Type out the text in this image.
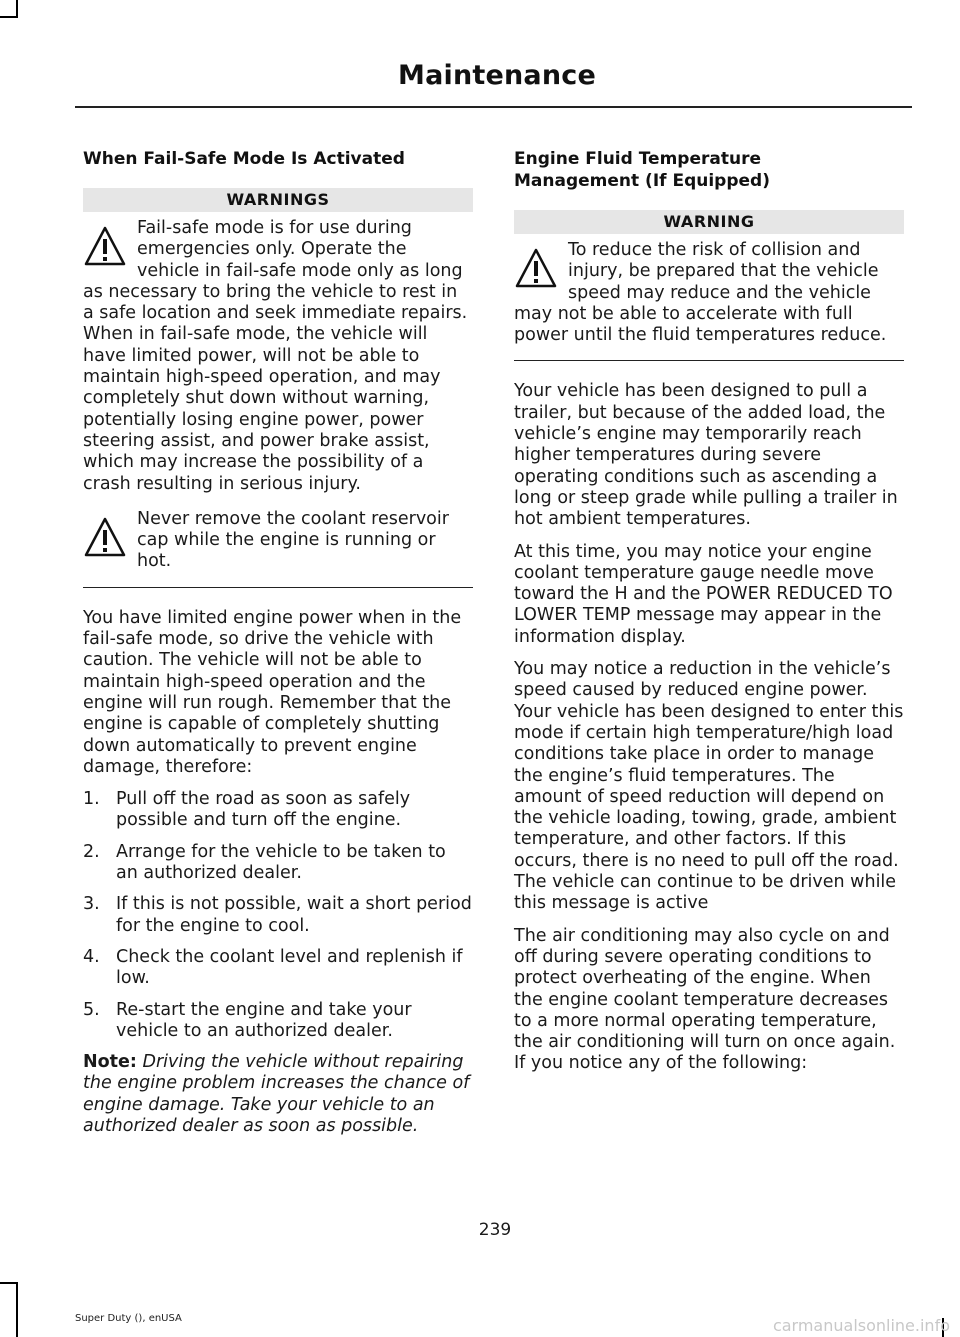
Maintenance
When Fail-Safe Mode Is Activated
WARNINGS
Fail-safe mode is for use during emergencies only. Operate the vehicle in fail-safe mode only as long as necessary to bring the vehicle to rest in a safe location and seek immediate repairs. When in fail-safe mode, the vehicle will have limited power, will not be able to maintain high-speed operation, and may completely shut down without warning, potentially losing engine power, power steering assist, and power brake assist, which may increase the possibility of a crash resulting in serious injury.
Never remove the coolant reservoir cap while the engine is running or hot.

You have limited engine power when in the fail-safe mode, so drive the vehicle with caution. The vehicle will not be able to maintain high-speed operation and the engine will run rough. Remember that the engine is capable of completely shutting down automatically to prevent engine damage, therefore:

1. Pull off the road as soon as safely possible and turn off the engine.
2. Arrange for the vehicle to be taken to an authorized dealer.
3. If this is not possible, wait a short period for the engine to cool.
4. Check the coolant level and replenish if low.
5. Re-start the engine and take your vehicle to an authorized dealer.

Note: Driving the vehicle without repairing the engine problem increases the chance of engine damage. Take your vehicle to an authorized dealer as soon as possible.

Engine Fluid Temperature
Management (If Equipped)
WARNING
To reduce the risk of collision and injury, be prepared that the vehicle speed may reduce and the vehicle may not be able to accelerate with full power until the fluid temperatures reduce.

Your vehicle has been designed to pull a trailer, but because of the added load, the vehicle’s engine may temporarily reach higher temperatures during severe operating conditions such as ascending a long or steep grade while pulling a trailer in hot ambient temperatures.

At this time, you may notice your engine coolant temperature gauge needle move toward the H and the POWER REDUCED TO LOWER TEMP message may appear in the information display.

You may notice a reduction in the vehicle’s speed caused by reduced engine power. Your vehicle has been designed to enter this mode if certain high temperature/high load conditions take place in order to manage the engine’s fluid temperatures. The amount of speed reduction will depend on the vehicle loading, towing, grade, ambient temperature, and other factors. If this occurs, there is no need to pull off the road. The vehicle can continue to be driven while this message is active

The air conditioning may also cycle on and off during severe operating conditions to protect overheating of the engine. When the engine coolant temperature decreases to a more normal operating temperature, the air conditioning will turn on once again. If you notice any of the following:

239
Super Duty (), enUSA	carmanualsonline.info
